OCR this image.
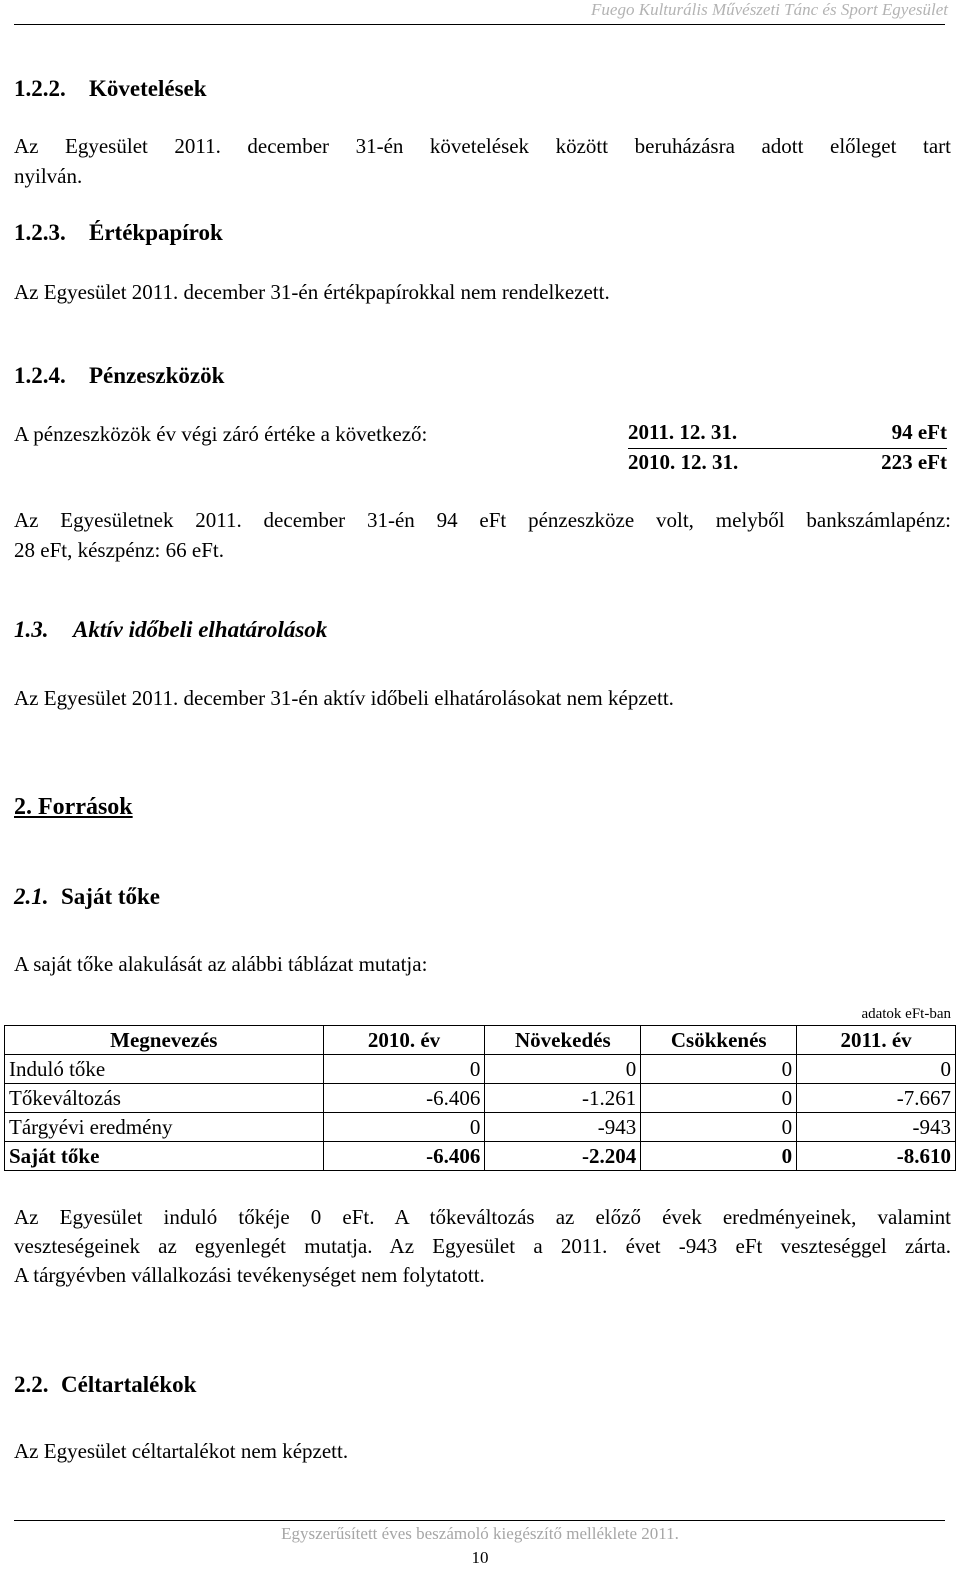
Fuego Kulturális Művészeti Tánc és Sport Egyesület
1.2.2. Követelések
Az Egyesület 2011. december 31-én követelések között beruházásra adott előleget tart
nyilván.
1.2.3. Értékpapírok
Az Egyesület 2011. december 31-én értékpapírokkal nem rendelkezett.
1.2.4. Pénzeszközök
A pénzeszközök év végi záró értéke a következő:	2011. 12. 31.	94 eFt
2010. 12. 31.	223 eFt
Az Egyesületnek 2011. december 31-én 94 eFt pénzeszköze volt, melyből bankszámlapénz:
28 eFt, készpénz: 66 eFt.
1.3. Aktív időbeli elhatárolások
Az Egyesület 2011. december 31-én aktív időbeli elhatárolásokat nem képzett.
2. Források
2.1. Saját tőke
A saját tőke alakulását az alábbi táblázat mutatja:
adatok eFt-ban
Megnevezés	2010. év	Növekedés	Csökkenés	2011. év
Induló tőke	0	0	0	0
Tőkeváltozás	-6.406	-1.261	0	-7.667
Tárgyévi eredmény	0	-943	0	-943
Saját tőke	-6.406	-2.204	0	-8.610
Az Egyesület induló tőkéje 0 eFt. A tőkeváltozás az előző évek eredményeinek, valamint
veszteségeinek az egyenlegét mutatja. Az Egyesület a 2011. évet -943 eFt veszteséggel zárta.
A tárgyévben vállalkozási tevékenységet nem folytatott.
2.2. Céltartalékok
Az Egyesület céltartalékot nem képzett.
Egyszerűsített éves beszámoló kiegészítő melléklete 2011.
10
